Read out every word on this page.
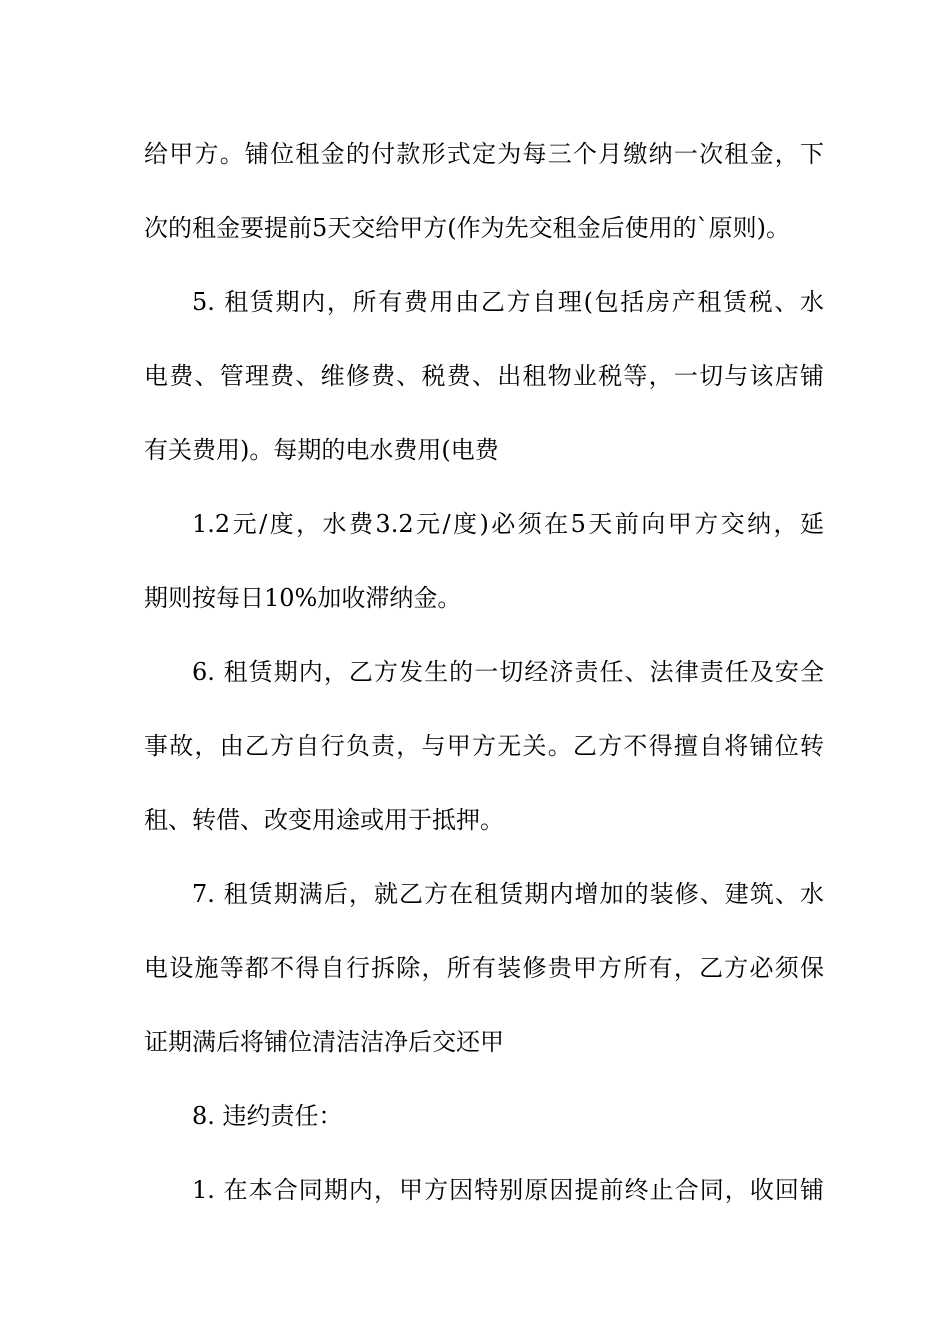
给甲方。铺位租金的付款形式定为每三个月缴纳一次租金，下
次的租金要提前5天交给甲方(作为先交租金后使用的`原则)。
5. 租赁期内，所有费用由乙方自理(包括房产租赁税、水
电费、管理费、维修费、税费、出租物业税等，一切与该店铺
有关费用)。每期的电水费用(电费
1.2元/度，水费3.2元/度)必须在5天前向甲方交纳，延
期则按每日10%加收滞纳金。
6. 租赁期内，乙方发生的一切经济责任、法律责任及安全
事故，由乙方自行负责，与甲方无关。乙方不得擅自将铺位转
租、转借、改变用途或用于抵押。
7. 租赁期满后，就乙方在租赁期内增加的装修、建筑、水
电设施等都不得自行拆除，所有装修贵甲方所有，乙方必须保
证期满后将铺位清洁洁净后交还甲
8. 违约责任：
1. 在本合同期内，甲方因特别原因提前终止合同，收回铺
